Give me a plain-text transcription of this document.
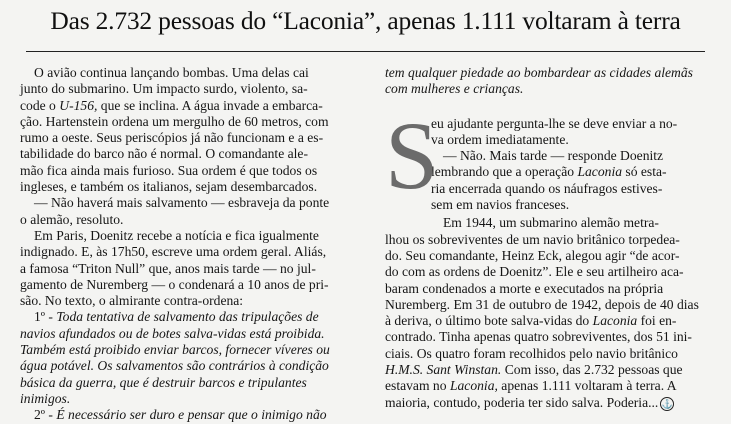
Das 2.732 pessoas do “Laconia”, apenas 1.111 voltaram à terra

O avião continua lançando bombas. Uma delas cai
junto do submarino. Um impacto surdo, violento, sa-
code o U-156, que se inclina. A água invade a embarca-
ção. Hartenstein ordena um mergulho de 60 metros, com
rumo a oeste. Seus periscópios já não funcionam e a es-
tabilidade do barco não é normal. O comandante ale-
mão fica ainda mais furioso. Sua ordem é que todos os
ingleses, e também os italianos, sejam desembarcados.

— Não haverá mais salvamento — esbraveja da ponte
o alemão, resoluto.

Em Paris, Doenitz recebe a notícia e fica igualmente
indignado. E, às 17h50, escreve uma ordem geral. Aliás,
a famosa “Triton Null” que, anos mais tarde — no jul-
gamento de Nuremberg — o condenará a 10 anos de pri-
são. No texto, o almirante contra-ordena:

1º - Toda tentativa de salvamento das tripulações de
navios afundados ou de botes salva-vidas está proibida.
Também está proibido enviar barcos, fornecer víveres ou
água potável. Os salvamentos são contrários à condição
básica da guerra, que é destruir barcos e tripulantes
inimigos.

2º - É necessário ser duro e pensar que o inimigo não

tem qualquer piedade ao bombardear as cidades alemãs
com mulheres e crianças.

S

eu ajudante pergunta-lhe se deve enviar a no-
va ordem imediatamente.

— Não. Mais tarde — responde Doenitz
lembrando que a operação Laconia só esta-
ria encerrada quando os náufragos estives-
sem em navios franceses.

Em 1944, um submarino alemão metra-
lhou os sobreviventes de um navio britânico torpedea-
do. Seu comandante, Heinz Eck, alegou agir “de acor-
do com as ordens de Doenitz”. Ele e seu artilheiro aca-
baram condenados a morte e executados na própria
Nuremberg. Em 31 de outubro de 1942, depois de 40 dias
à deriva, o último bote salva-vidas do Laconia foi en-
contrado. Tinha apenas quatro sobreviventes, dos 51 ini-
ciais. Os quatro foram recolhidos pelo navio britânico
H.M.S. Sant Winstan. Com isso, das 2.732 pessoas que
estavam no Laconia, apenas 1.111 voltaram à terra. A
maioria, contudo, poderia ter sido salva. Poderia... ⚓
